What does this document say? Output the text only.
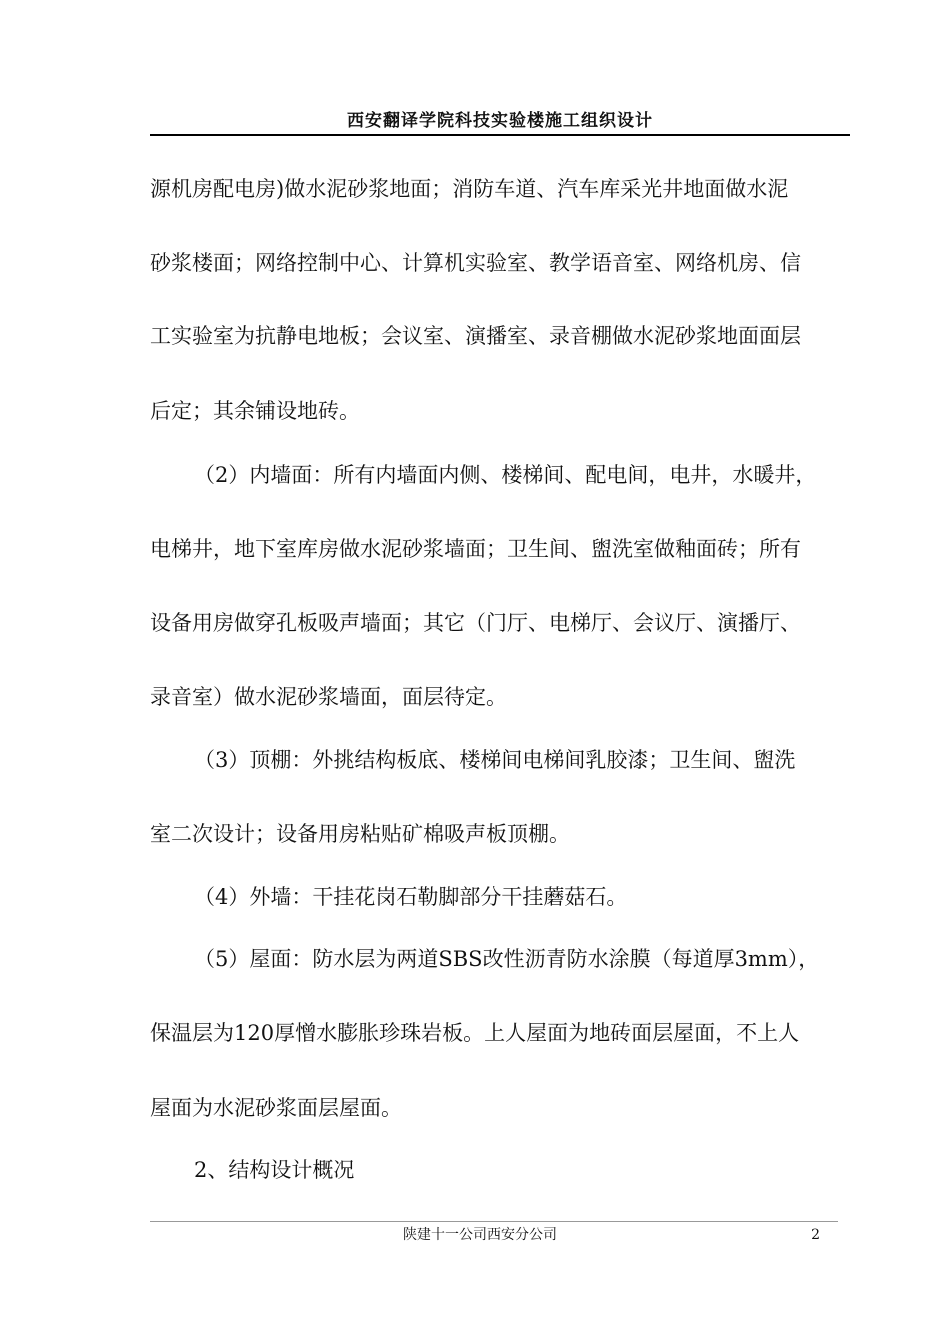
西安翻译学院科技实验楼施工组织设计
源机房配电房)做水泥砂浆地面；消防车道、汽车库采光井地面做水泥
砂浆楼面；网络控制中心、计算机实验室、教学语音室、网络机房、信
工实验室为抗静电地板；会议室、演播室、录音棚做水泥砂浆地面面层
后定；其余铺设地砖。
（2）内墙面：所有内墙面内侧、楼梯间、配电间，电井，水暖井，
电梯井，地下室库房做水泥砂浆墙面；卫生间、盥洗室做釉面砖；所有
设备用房做穿孔板吸声墙面；其它（门厅、电梯厅、会议厅、演播厅、
录音室）做水泥砂浆墙面，面层待定。
（3）顶棚：外挑结构板底、楼梯间电梯间乳胶漆；卫生间、盥洗
室二次设计；设备用房粘贴矿棉吸声板顶棚。
（4）外墙：干挂花岗石勒脚部分干挂蘑菇石。
（5）屋面：防水层为两道SBS改性沥青防水涂膜（每道厚3mm），
保温层为120厚憎水膨胀珍珠岩板。上人屋面为地砖面层屋面，不上人
屋面为水泥砂浆面层屋面。
2、结构设计概况
陕建十一公司西安分公司	2
